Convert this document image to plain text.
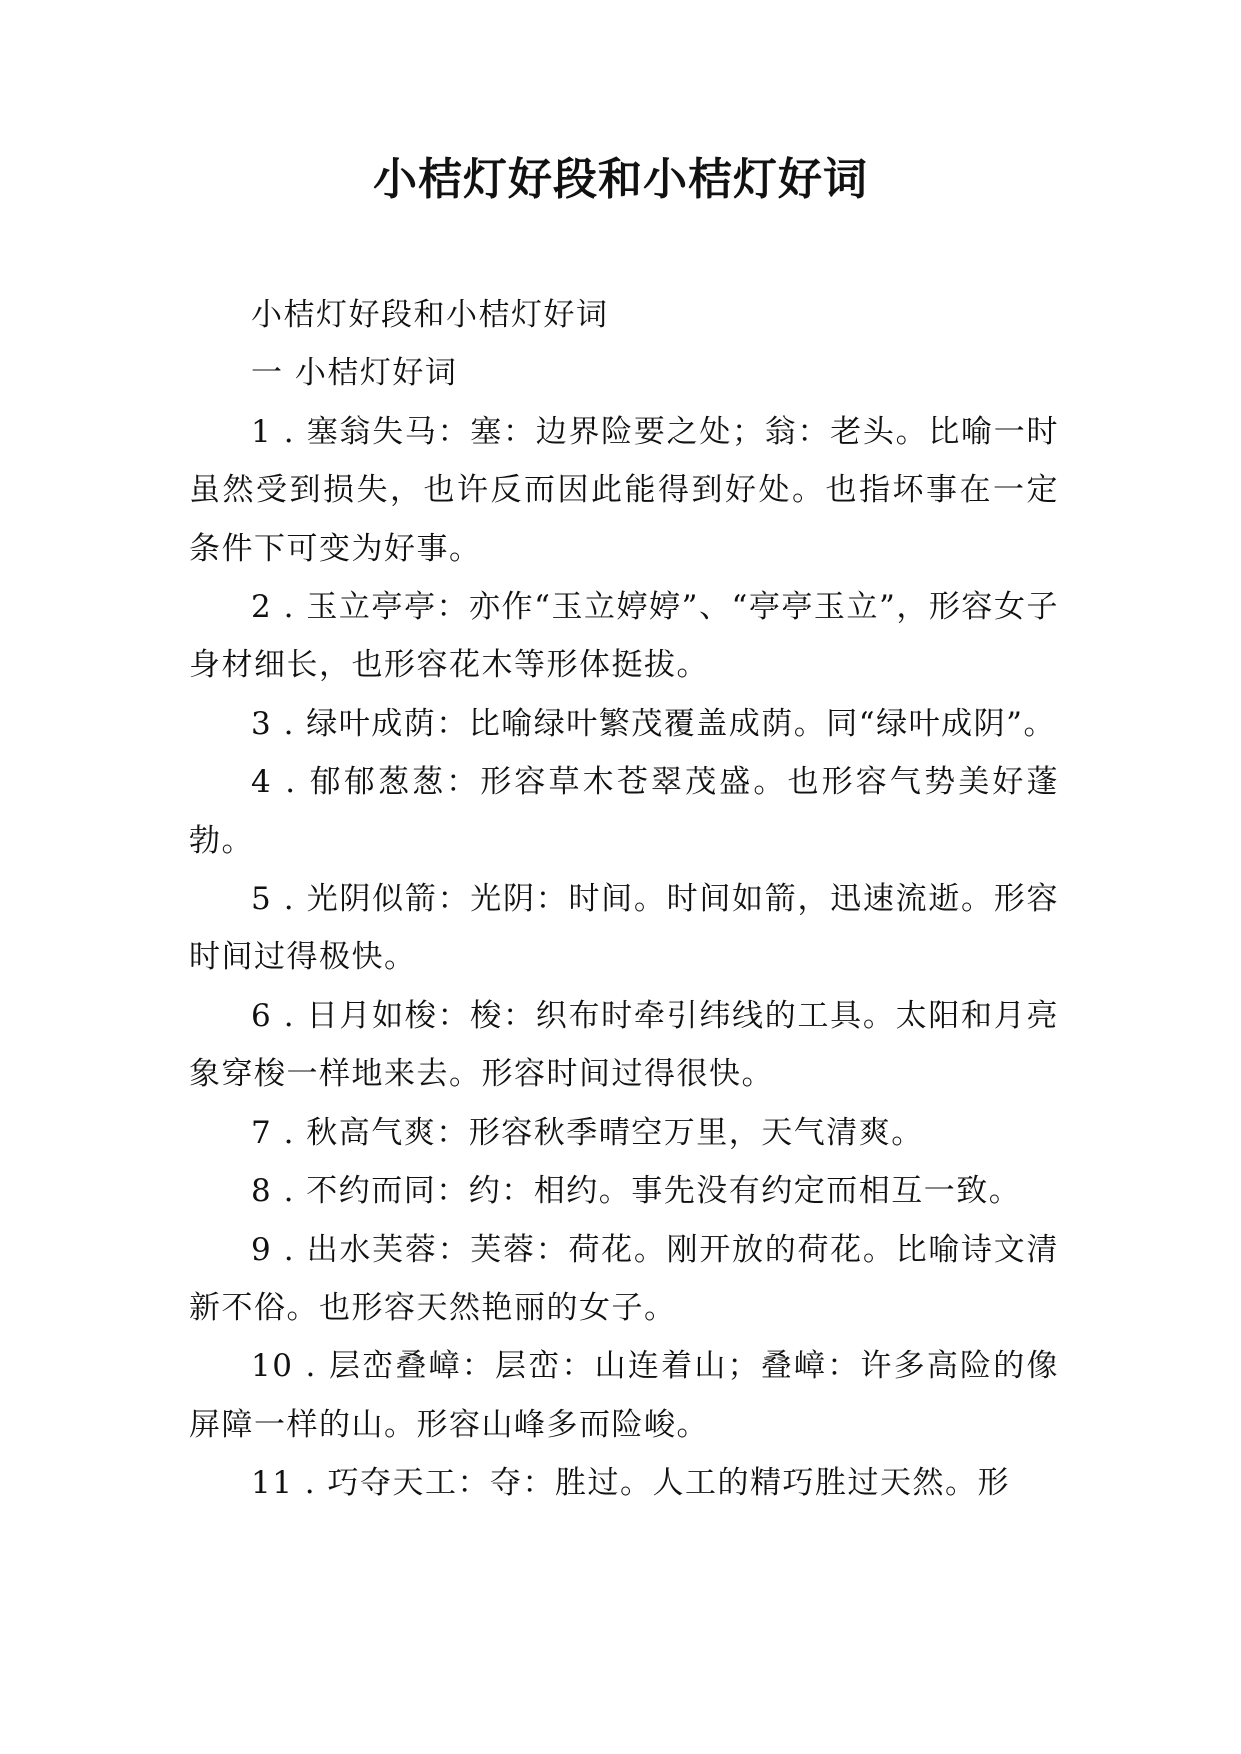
小桔灯好段和小桔灯好词

小桔灯好段和小桔灯好词

一 小桔灯好词

1 . 塞翁失马：塞：边界险要之处；翁：老头。比喻一时虽然受到损失，也许反而因此能得到好处。也指坏事在一定条件下可变为好事。

2 . 玉立亭亭：亦作“玉立婷婷”、“亭亭玉立”，形容女子身材细长，也形容花木等形体挺拔。

3 . 绿叶成荫：比喻绿叶繁茂覆盖成荫。同“绿叶成阴”。

4 . 郁郁葱葱：形容草木苍翠茂盛。也形容气势美好蓬勃。

5 . 光阴似箭：光阴：时间。时间如箭，迅速流逝。形容时间过得极快。

6 . 日月如梭：梭：织布时牵引纬线的工具。太阳和月亮象穿梭一样地来去。形容时间过得很快。

7 . 秋高气爽：形容秋季晴空万里，天气清爽。

8 . 不约而同：约：相约。事先没有约定而相互一致。

9 . 出水芙蓉：芙蓉：荷花。刚开放的荷花。比喻诗文清新不俗。也形容天然艳丽的女子。

10 . 层峦叠嶂：层峦：山连着山；叠嶂：许多高险的像屏障一样的山。形容山峰多而险峻。

11 . 巧夺天工：夺：胜过。人工的精巧胜过天然。形
